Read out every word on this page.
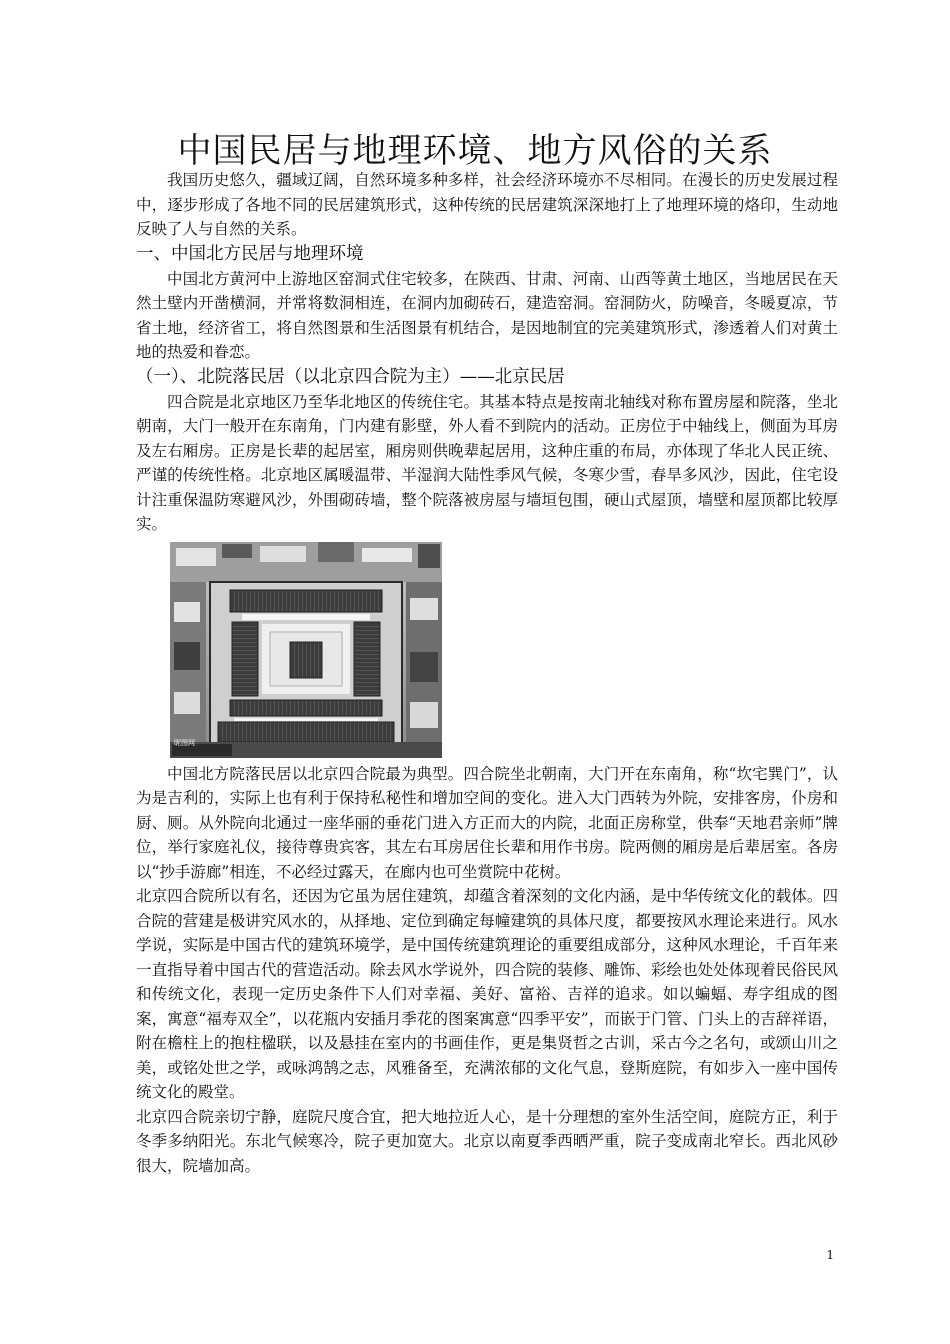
中国民居与地理环境、地方风俗的关系

我国历史悠久，疆域辽阔，自然环境多种多样，社会经济环境亦不尽相同。在漫长的历史发展过程中，逐步形成了各地不同的民居建筑形式，这种传统的民居建筑深深地打上了地理环境的烙印，生动地反映了人与自然的关系。

一、中国北方民居与地理环境

中国北方黄河中上游地区窑洞式住宅较多，在陕西、甘肃、河南、山西等黄土地区，当地居民在天然土壁内开凿横洞，并常将数洞相连，在洞内加砌砖石，建造窑洞。窑洞防火，防噪音，冬暖夏凉，节省土地，经济省工，将自然图景和生活图景有机结合，是因地制宜的完美建筑形式，渗透着人们对黄土地的热爱和眷恋。

（一）、北院落民居（以北京四合院为主）——北京民居

四合院是北京地区乃至华北地区的传统住宅。其基本特点是按南北轴线对称布置房屋和院落，坐北朝南，大门一般开在东南角，门内建有影壁，外人看不到院内的活动。正房位于中轴线上，侧面为耳房及左右厢房。正房是长辈的起居室，厢房则供晚辈起居用，这种庄重的布局，亦体现了华北人民正统、严谨的传统性格。北京地区属暖温带、半湿润大陆性季风气候，冬寒少雪，春旱多风沙，因此，住宅设计注重保温防寒避风沙，外围砌砖墙，整个院落被房屋与墙垣包围，硬山式屋顶，墙壁和屋顶都比较厚实。

昵图网

中国北方院落民居以北京四合院最为典型。四合院坐北朝南，大门开在东南角，称“坎宅巽门”，认为是吉利的，实际上也有利于保持私秘性和增加空间的变化。进入大门西转为外院，安排客房，仆房和厨、厕。从外院向北通过一座华丽的垂花门进入方正而大的内院，北面正房称堂，供奉“天地君亲师”牌位，举行家庭礼仪，接待尊贵宾客，其左右耳房居住长辈和用作书房。院两侧的厢房是后辈居室。各房以“抄手游廊”相连，不必经过露天，在廊内也可坐赏院中花树。

北京四合院所以有名，还因为它虽为居住建筑，却蕴含着深刻的文化内涵，是中华传统文化的载体。四合院的营建是极讲究风水的，从择地、定位到确定每幢建筑的具体尺度，都要按风水理论来进行。风水学说，实际是中国古代的建筑环境学，是中国传统建筑理论的重要组成部分，这种风水理论，千百年来一直指导着中国古代的营造活动。除去风水学说外，四合院的装修、雕饰、彩绘也处处体现着民俗民风和传统文化，表现一定历史条件下人们对幸福、美好、富裕、吉祥的追求。如以蝙蝠、寿字组成的图案，寓意“福寿双全”，以花瓶内安插月季花的图案寓意“四季平安”，而嵌于门管、门头上的吉辞祥语，附在檐柱上的抱柱楹联，以及悬挂在室内的书画佳作，更是集贤哲之古训，采古今之名句，或颂山川之美，或铭处世之学，或咏鸿鹄之志，风雅备至，充满浓郁的文化气息，登斯庭院，有如步入一座中国传统文化的殿堂。

北京四合院亲切宁静，庭院尺度合宜，把大地拉近人心，是十分理想的室外生活空间，庭院方正，利于冬季多纳阳光。东北气候寒冷，院子更加宽大。北京以南夏季西晒严重，院子变成南北窄长。西北风砂很大，院墙加高。

1
